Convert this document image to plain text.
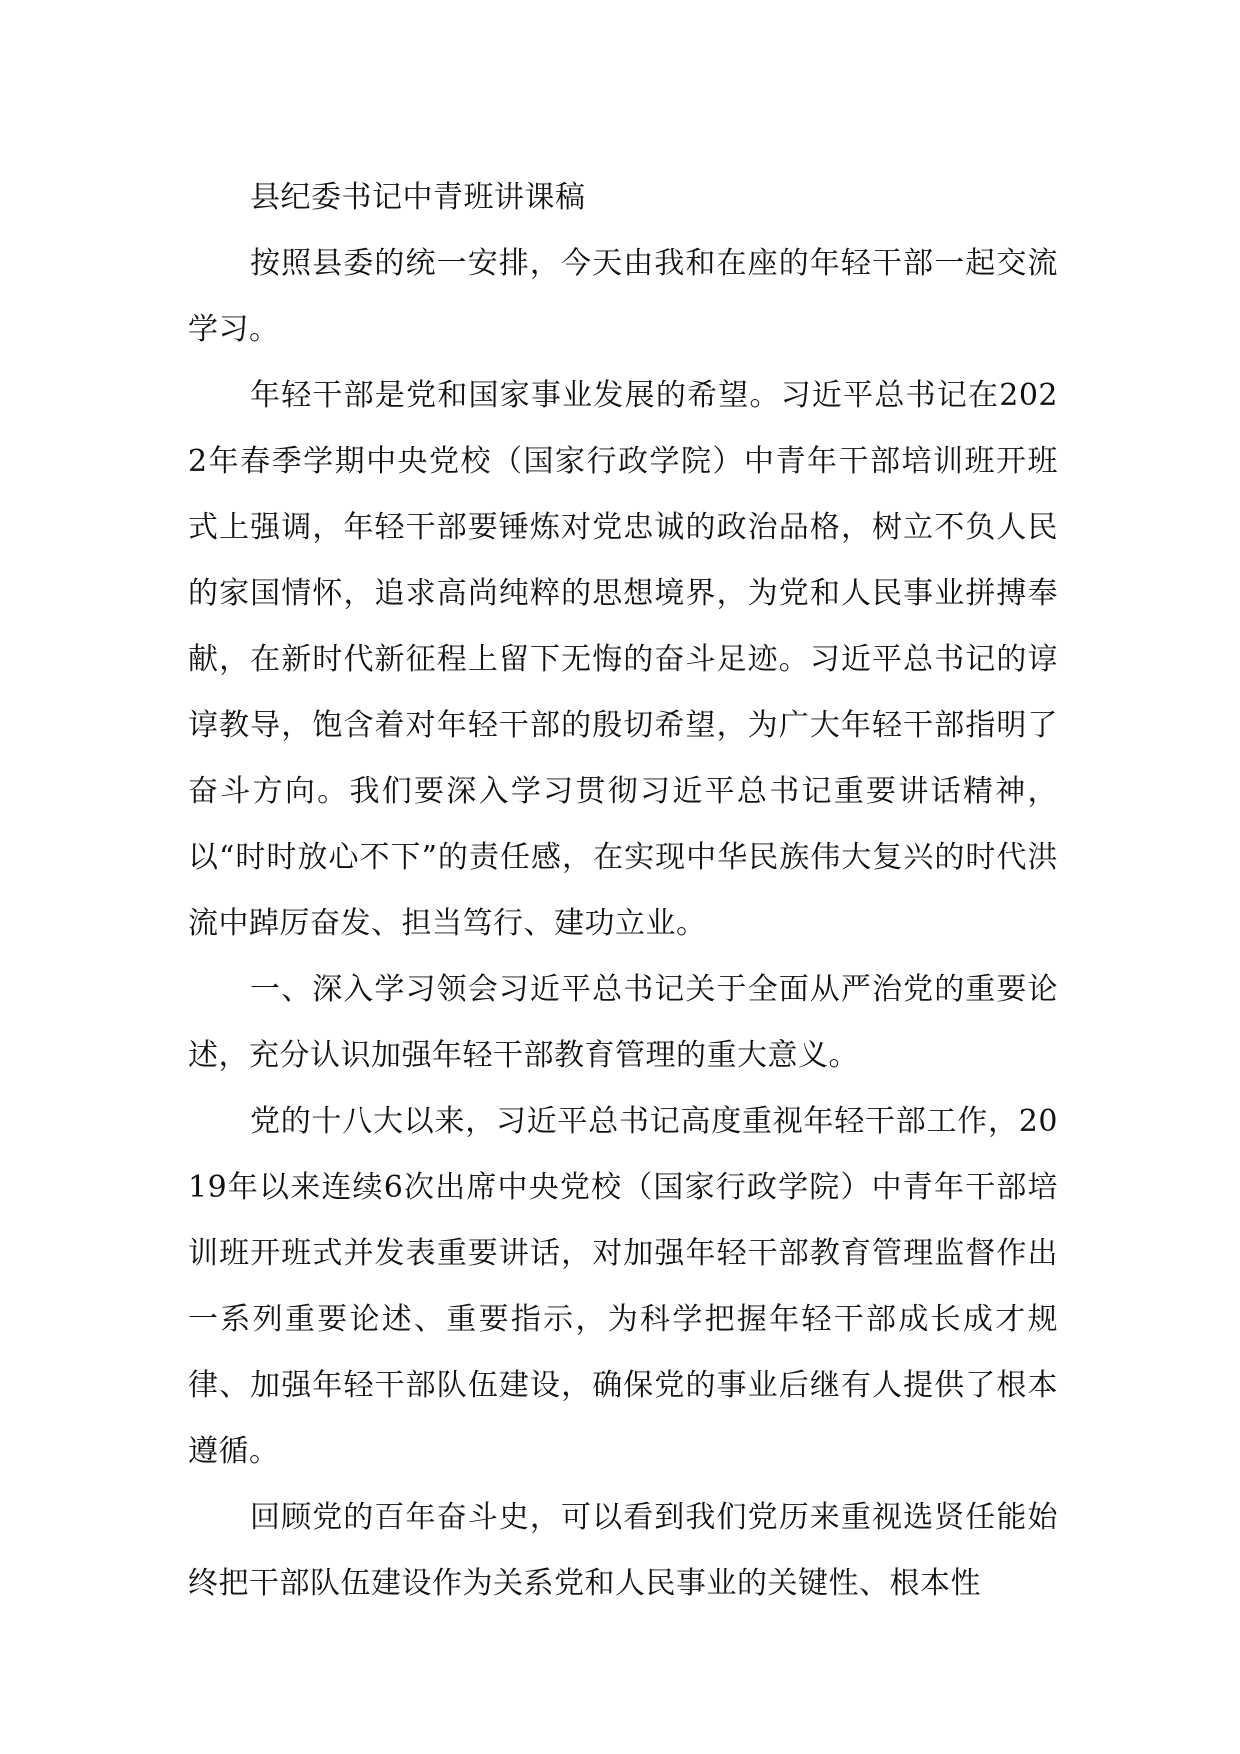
县纪委书记中青班讲课稿

按照县委的统一安排，今天由我和在座的年轻干部一起交流学习。

年轻干部是党和国家事业发展的希望。习近平总书记在2022年春季学期中央党校（国家行政学院）中青年干部培训班开班式上强调，年轻干部要锤炼对党忠诚的政治品格，树立不负人民的家国情怀，追求高尚纯粹的思想境界，为党和人民事业拼搏奉献，在新时代新征程上留下无悔的奋斗足迹。习近平总书记的谆谆教导，饱含着对年轻干部的殷切希望，为广大年轻干部指明了奋斗方向。我们要深入学习贯彻习近平总书记重要讲话精神，以“时时放心不下”的责任感，在实现中华民族伟大复兴的时代洪流中踔厉奋发、担当笃行、建功立业。

一、深入学习领会习近平总书记关于全面从严治党的重要论述，充分认识加强年轻干部教育管理的重大意义。

党的十八大以来，习近平总书记高度重视年轻干部工作，2019年以来连续6次出席中央党校（国家行政学院）中青年干部培训班开班式并发表重要讲话，对加强年轻干部教育管理监督作出一系列重要论述、重要指示，为科学把握年轻干部成长成才规律、加强年轻干部队伍建设，确保党的事业后继有人提供了根本遵循。

回顾党的百年奋斗史，可以看到我们党历来重视选贤任能始终把干部队伍建设作为关系党和人民事业的关键性、根本性
